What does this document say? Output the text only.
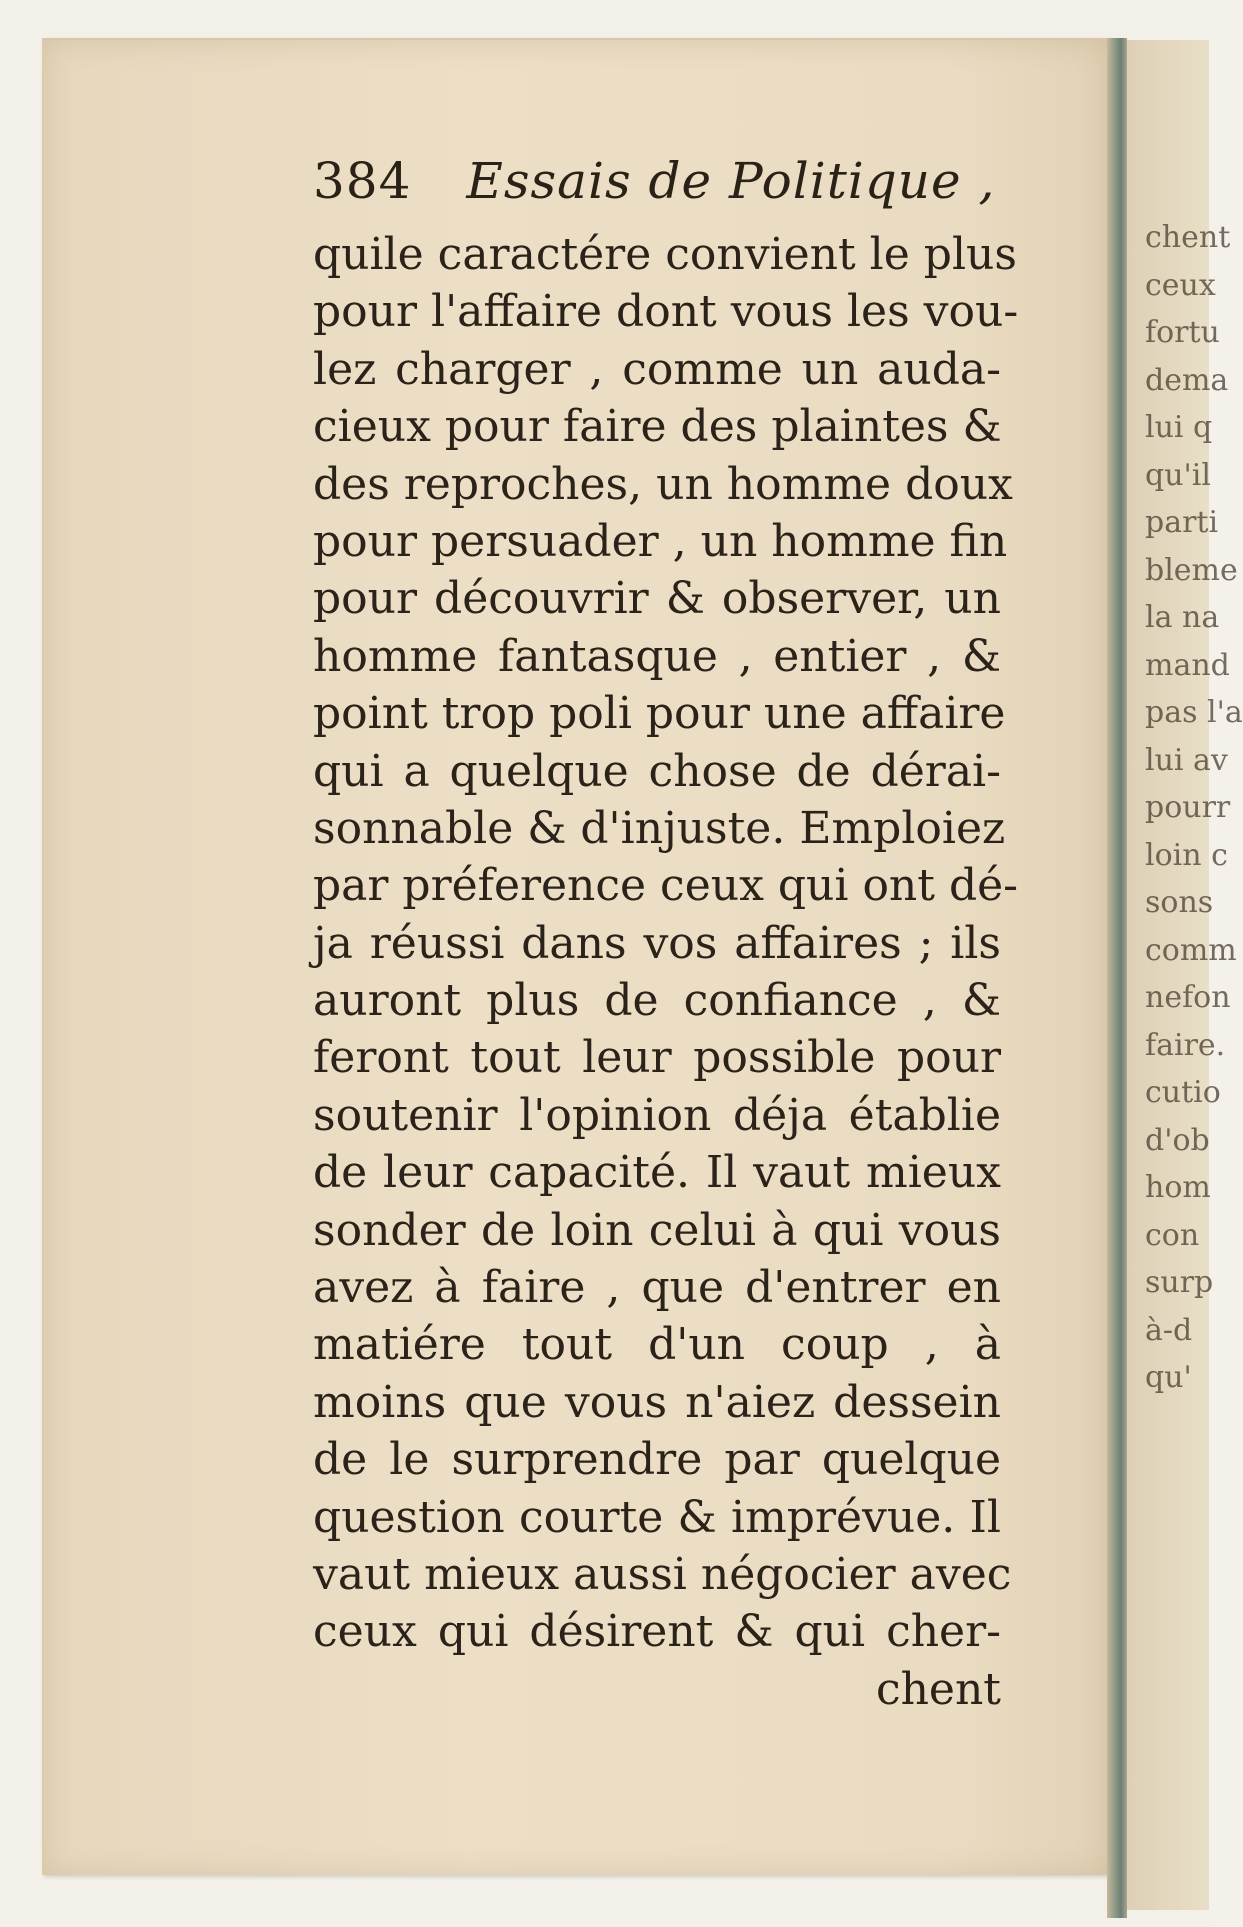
chent
ceux
fortu
dema
lui q
qu'il
parti
bleme
la na
mand
pas l'a
lui av
pourr
loin c
sons
comm
nefon
faire.
cutio
d'ob
hom
con
surp
à-d
qu'
384 Essais de Politique ,
quile caractére convient le plus
pour l'affaire dont vous les vou-
lez charger , comme un auda-
cieux pour faire des plaintes &
des reproches, un homme doux
pour persuader , un homme fin
pour découvrir & observer, un
homme fantasque , entier , &
point trop poli pour une affaire
qui a quelque chose de dérai-
sonnable & d'injuste. Emploiez
par préference ceux qui ont dé-
ja réussi dans vos affaires ; ils
auront plus de confiance , &
feront tout leur possible pour
soutenir l'opinion déja établie
de leur capacité. Il vaut mieux
sonder de loin celui à qui vous
avez à faire , que d'entrer en
matiére tout d'un coup , à
moins que vous n'aiez dessein
de le surprendre par quelque
question courte & imprévue. Il
vaut mieux aussi négocier avec
ceux qui désirent & qui cher-
chent
